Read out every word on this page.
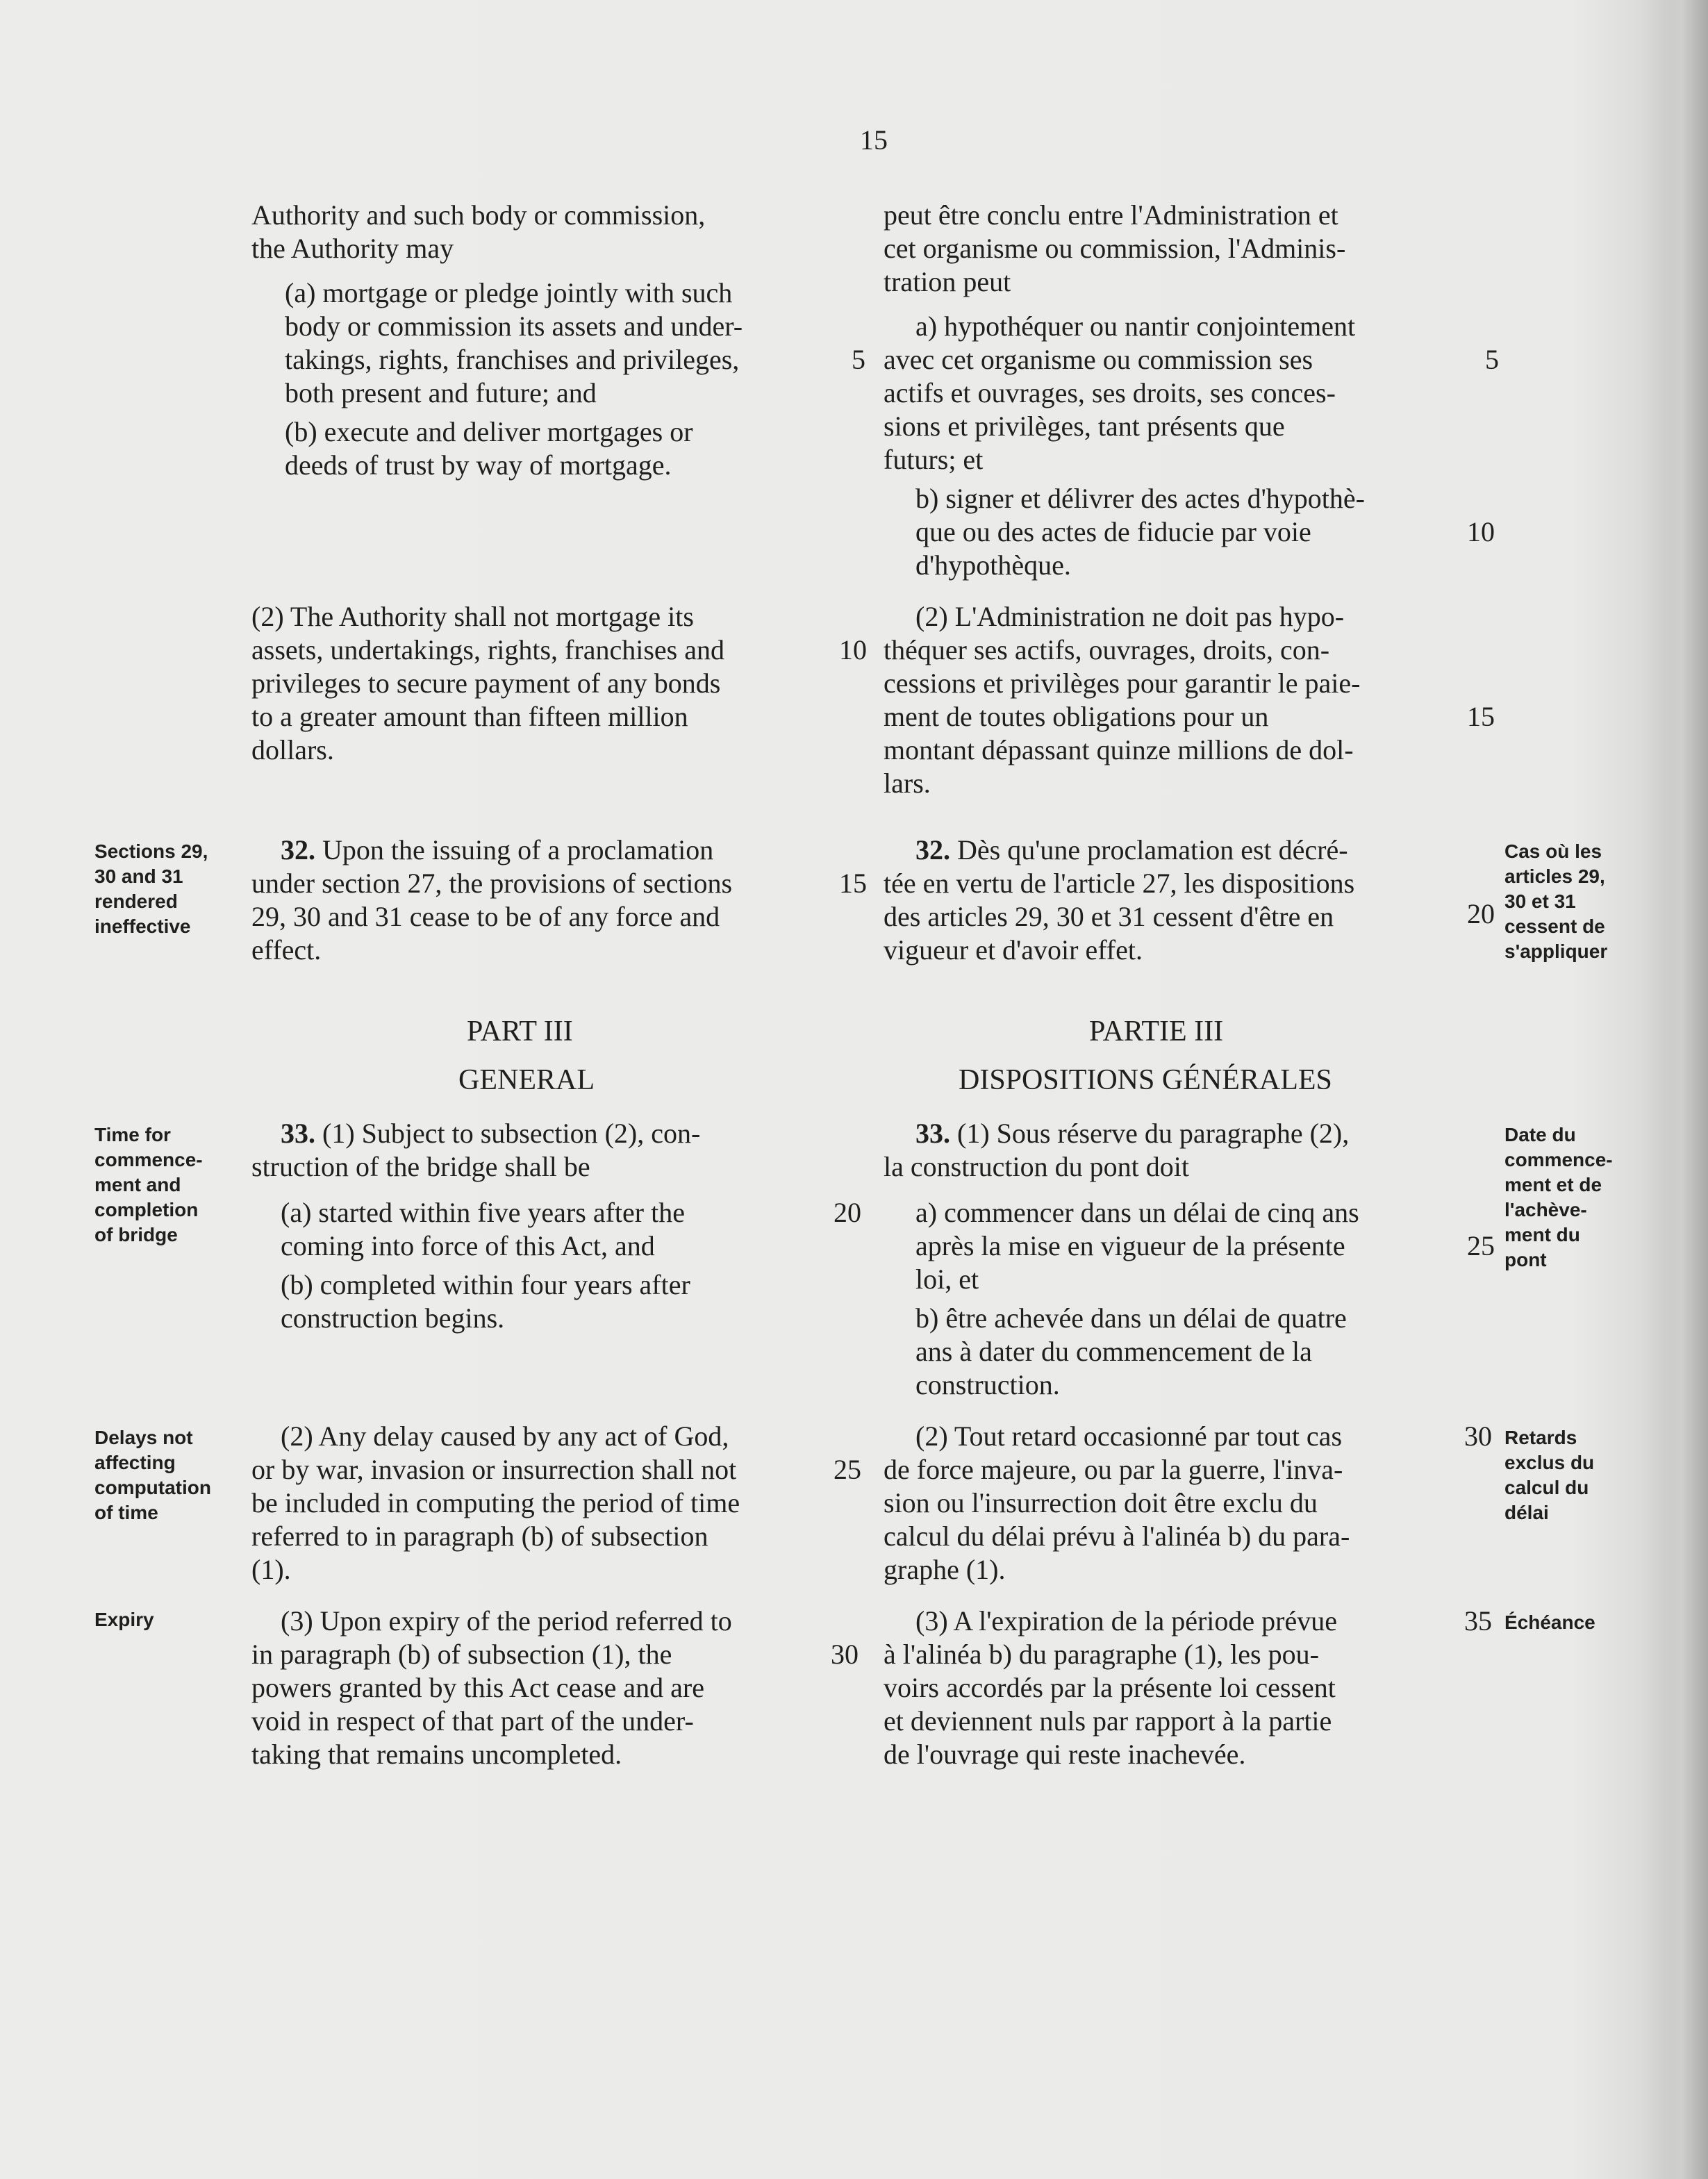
15
Authority and such body or commission,
the Authority may
(a) mortgage or pledge jointly with such
body or commission its assets and under-
takings, rights, franchises and privileges,
both present and future; and
(b) execute and deliver mortgages or
deeds of trust by way of mortgage.
(2) The Authority shall not mortgage its
assets, undertakings, rights, franchises and
privileges to secure payment of any bonds
to a greater amount than fifteen million
dollars.
32. Upon the issuing of a proclamation
under section 27, the provisions of sections
29, 30 and 31 cease to be of any force and
effect.
PART III
GENERAL
33. (1) Subject to subsection (2), con-
struction of the bridge shall be
(a) started within five years after the
coming into force of this Act, and
(b) completed within four years after
construction begins.
(2) Any delay caused by any act of God,
or by war, invasion or insurrection shall not
be included in computing the period of time
referred to in paragraph (b) of subsection
(1).
(3) Upon expiry of the period referred to
in paragraph (b) of subsection (1), the
powers granted by this Act cease and are
void in respect of that part of the under-
taking that remains uncompleted.
5
10
15
20
25
30
peut être conclu entre l'Administration et
cet organisme ou commission, l'Adminis-
tration peut
a) hypothéquer ou nantir conjointement
avec cet organisme ou commission ses
actifs et ouvrages, ses droits, ses conces-
sions et privilèges, tant présents que
futurs; et
b) signer et délivrer des actes d'hypothè-
que ou des actes de fiducie par voie
d'hypothèque.
(2) L'Administration ne doit pas hypo-
théquer ses actifs, ouvrages, droits, con-
cessions et privilèges pour garantir le paie-
ment de toutes obligations pour un
montant dépassant quinze millions de dol-
lars.
32. Dès qu'une proclamation est décré-
tée en vertu de l'article 27, les dispositions
des articles 29, 30 et 31 cessent d'être en
vigueur et d'avoir effet.
PARTIE III
DISPOSITIONS GÉNÉRALES
33. (1) Sous réserve du paragraphe (2),
la construction du pont doit
a) commencer dans un délai de cinq ans
après la mise en vigueur de la présente
loi, et
b) être achevée dans un délai de quatre
ans à dater du commencement de la
construction.
(2) Tout retard occasionné par tout cas
de force majeure, ou par la guerre, l'inva-
sion ou l'insurrection doit être exclu du
calcul du délai prévu à l'alinéa b) du para-
graphe (1).
(3) A l'expiration de la période prévue
à l'alinéa b) du paragraphe (1), les pou-
voirs accordés par la présente loi cessent
et deviennent nuls par rapport à la partie
de l'ouvrage qui reste inachevée.
5
10
15
20
25
30
35
Sections 29,
30 and 31
rendered
ineffective
Time for
commence-
ment and
completion
of bridge
Delays not
affecting
computation
of time
Expiry
Cas où les
articles 29,
30 et 31
cessent de
s'appliquer
Date du
commence-
ment et de
l'achève-
ment du
pont
Retards
exclus du
calcul du
délai
Échéance
